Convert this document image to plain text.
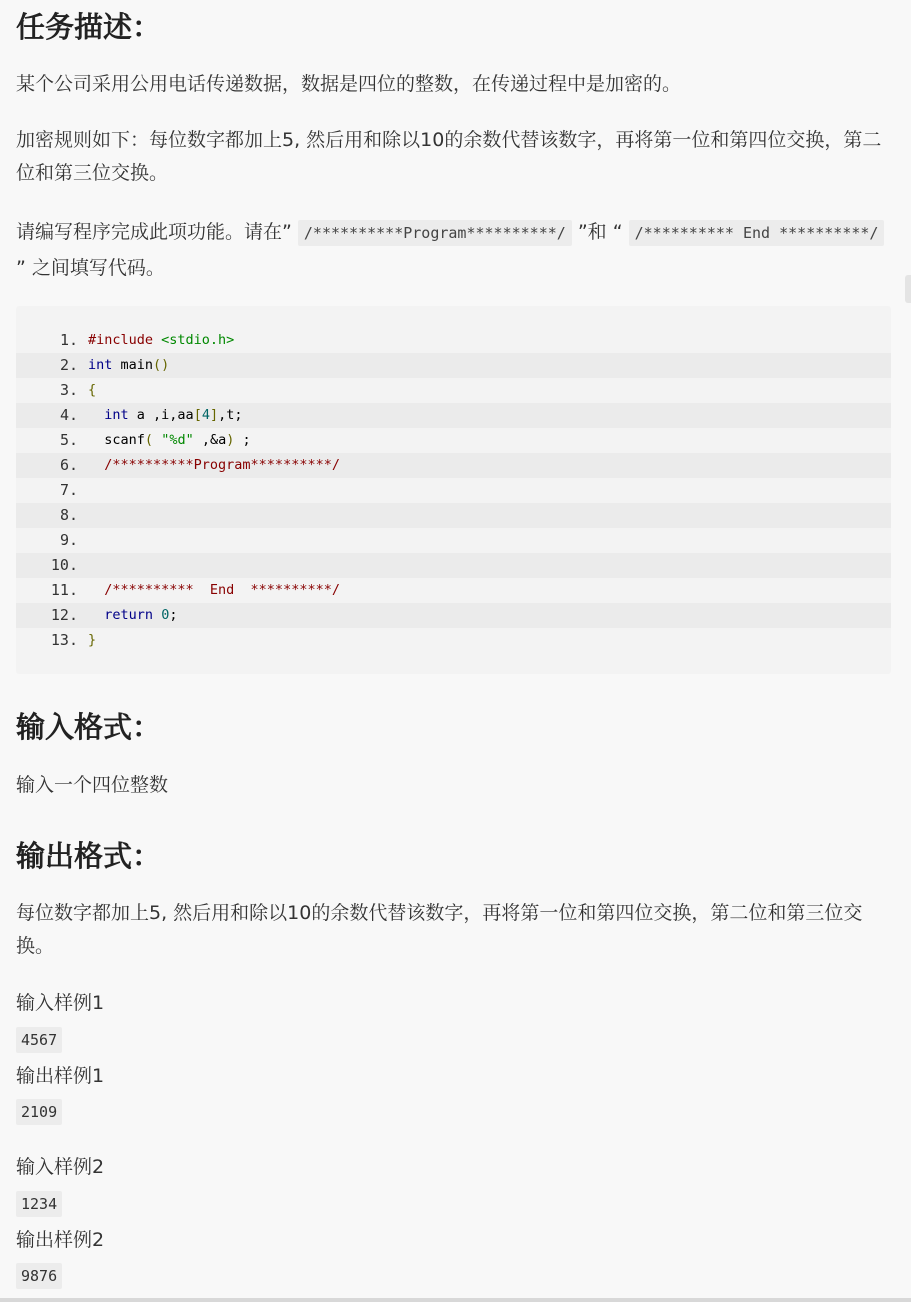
任务描述：

某个公司采用公用电话传递数据，数据是四位的整数，在传递过程中是加密的。

加密规则如下：每位数字都加上5, 然后用和除以10的余数代替该数字，再将第一位和第四位交换，第二位和第三位交换。

请编写程序完成此项功能。请在” /**********Program**********/ ”和 “ /********** End **********/ ” 之间填写代码。

1. #include <stdio.h>
2. int main()
3. {
4.	int a ,i,aa[4],t;
5. scanf( "%d" ,&a) ;
6. /**********Program**********/
7.
8.
9.
10.
11. /**********  End  **********/
12.	return 0;
13. }
输入格式：

输入一个四位整数

输出格式：

每位数字都加上5, 然后用和除以10的余数代替该数字，再将第一位和第四位交换，第二位和第三位交换。

输入样例1
4567
输出样例1
2109
输入样例2
1234
输出样例2
9876
